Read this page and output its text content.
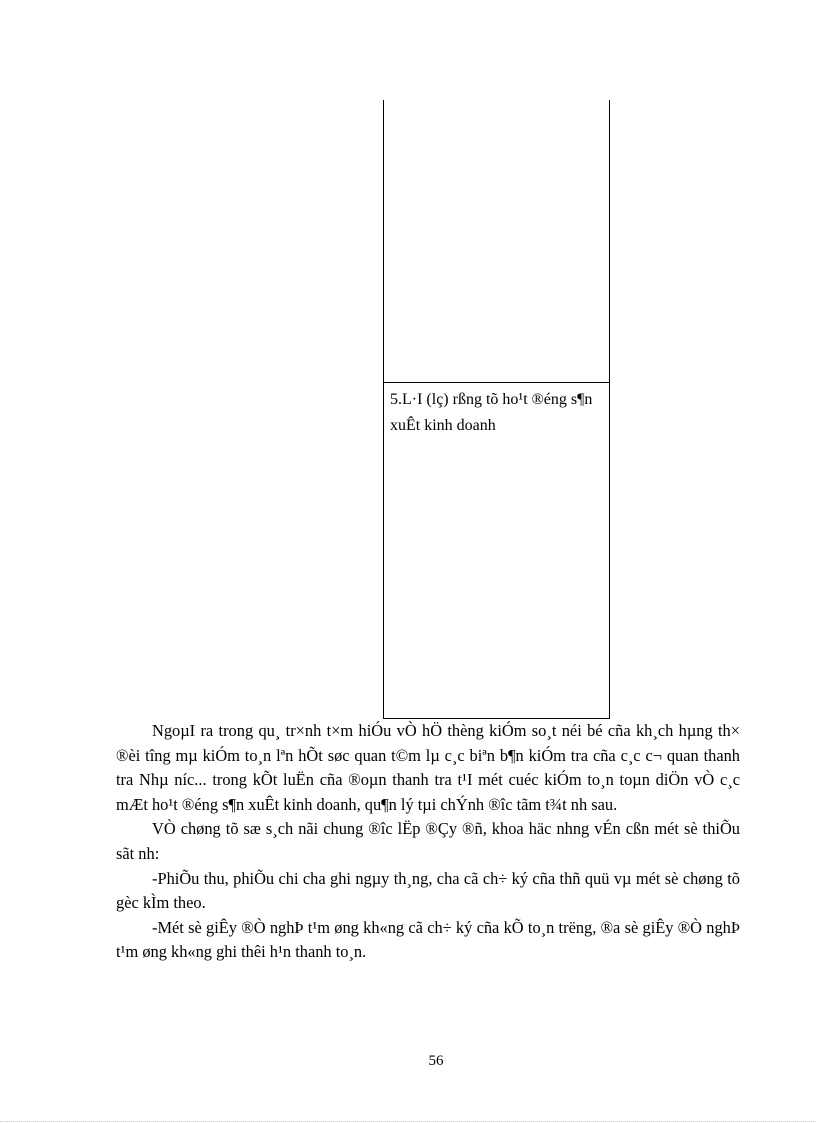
5.L·I (lç) rßng tõ ho¹t ®éng s¶n xuÊt kinh doanh

NgoµI ra trong qu¸ tr×nh t×m hiÓu vÒ hÖ thèng kiÓm so¸t néi bé cña kh¸ch hµng th× ®èi tîng mµ kiÓm to¸n lªn hÕt søc quan t©m lµ c¸c biªn b¶n kiÓm tra cña c¸c c¬ quan thanh tra Nhµ níc... trong kÕt luËn cña ®oµn thanh tra t¹I mét cuéc kiÓm to¸n toµn diÖn vÒ c¸c mÆt ho¹t ®éng s¶n xuÊt kinh doanh, qu¶n lý tµi chÝnh ®îc tãm t¾t nh sau.

VÒ chøng tõ sæ s¸ch nãi chung ®îc lËp ®Çy ®ñ, khoa häc nhng vÉn cßn mét sè thiÕu sãt nh:

-PhiÕu thu, phiÕu chi cha ghi ngµy th¸ng, cha cã ch÷ ký cña thñ quü vµ mét sè chøng tõ gèc kÌm theo.

-Mét sè giÊy ®Ò nghÞ t¹m øng kh«ng cã ch÷ ký cña kÕ to¸n trëng, ®a sè giÊy ®Ò nghÞ t¹m øng kh«ng ghi thêi h¹n thanh to¸n.

56
